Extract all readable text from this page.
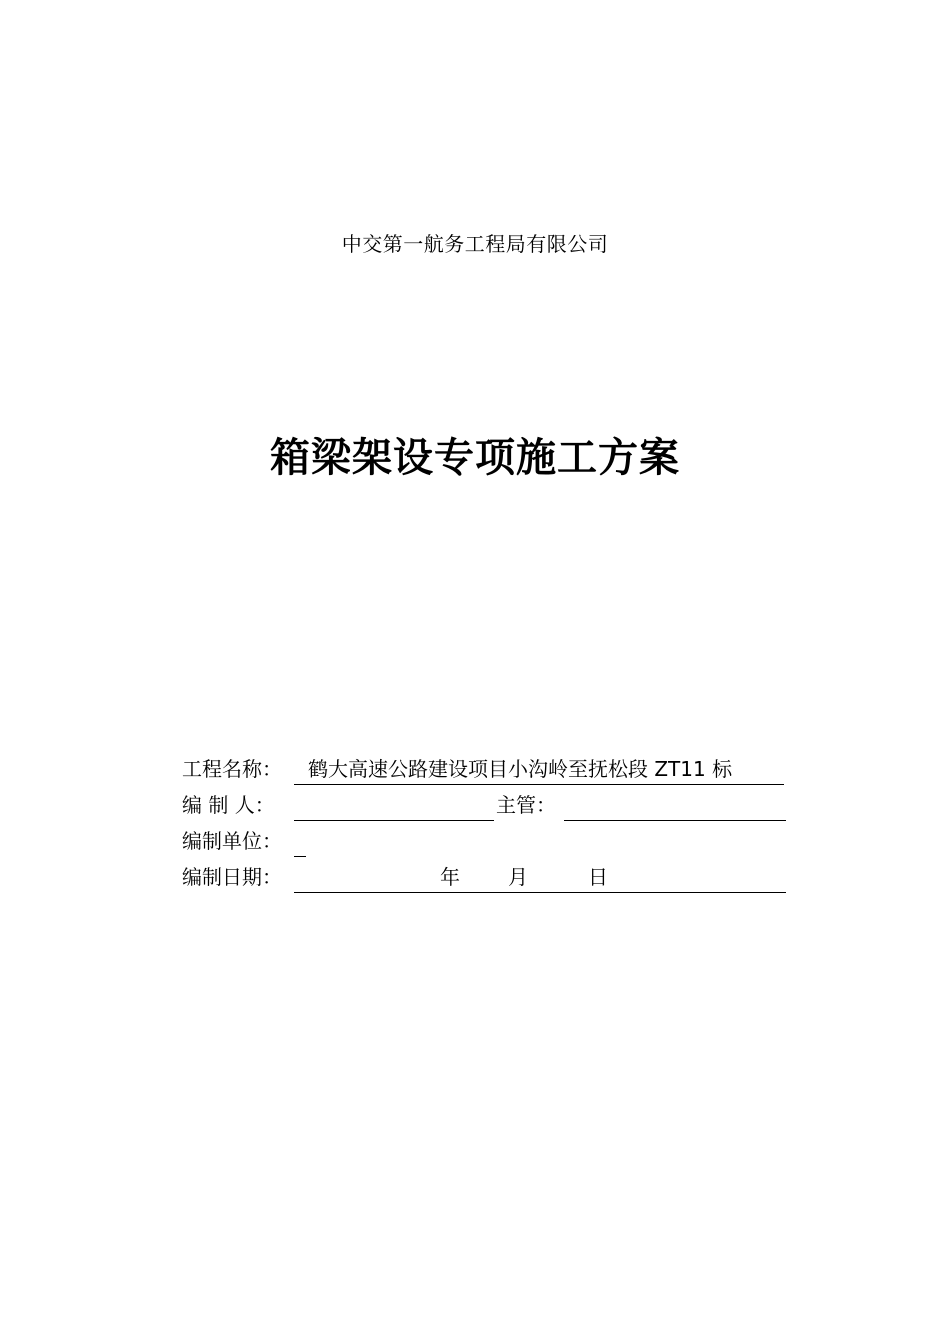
中交第一航务工程局有限公司
箱梁架设专项施工方案
工程名称： 鹤大高速公路建设项目小沟岭至抚松段 ZT11 标
编 制 人：	主管：
编制单位：
编制日期：	年 月	日
